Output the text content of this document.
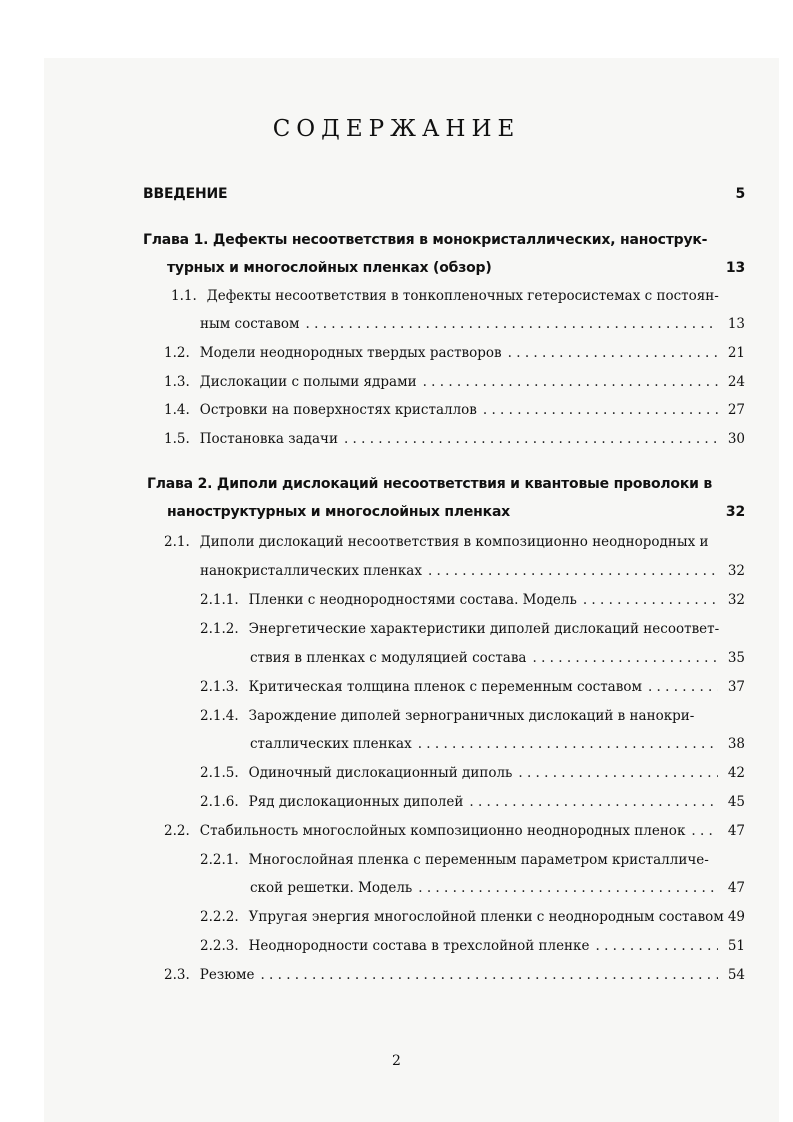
СОДЕРЖАНИЕ
ВВЕДЕНИЕ	5
Глава 1. Дефекты несоответствия в монокристаллических, нанострук-
турных и многослойных пленках (обзор)	13
1.1. Дефекты несоответствия в тонкопленочных гетеросистемах с постоян-
ным составом . . .	13
1.2. Модели неоднородных твердых растворов . . .	21
1.3. Дислокации с полыми ядрами . . .	24
1.4. Островки на поверхностях кристаллов . . .	27
1.5. Постановка задачи . . .	30
Глава 2. Диполи дислокаций несоответствия и квантовые проволоки в
наноструктурных и многослойных пленках	32
2.1. Диполи дислокаций несоответствия в композиционно неоднородных и
нанокристаллических пленках . . .	32
2.1.1. Пленки с неоднородностями состава. Модель . . .	32
2.1.2. Энергетические характеристики диполей дислокаций несоответ-
ствия в пленках с модуляцией состава . . .	35
2.1.3. Критическая толщина пленок с переменным составом . . .	37
2.1.4. Зарождение диполей зернограничных дислокаций в нанокри-
сталлических пленках . . .	38
2.1.5. Одиночный дислокационный диполь . . .	42
2.1.6. Ряд дислокационных диполей . . .	45
2.2. Стабильность многослойных композиционно неоднородных пленок . . .	47
2.2.1. Многослойная пленка с переменным параметром кристалличе-
ской решетки. Модель . . .	47
2.2.2. Упругая энергия многослойной пленки с неоднородным составом 49
2.2.3. Неоднородности состава в трехслойной пленке . . .	51
2.3. Резюме . . .	54
2
